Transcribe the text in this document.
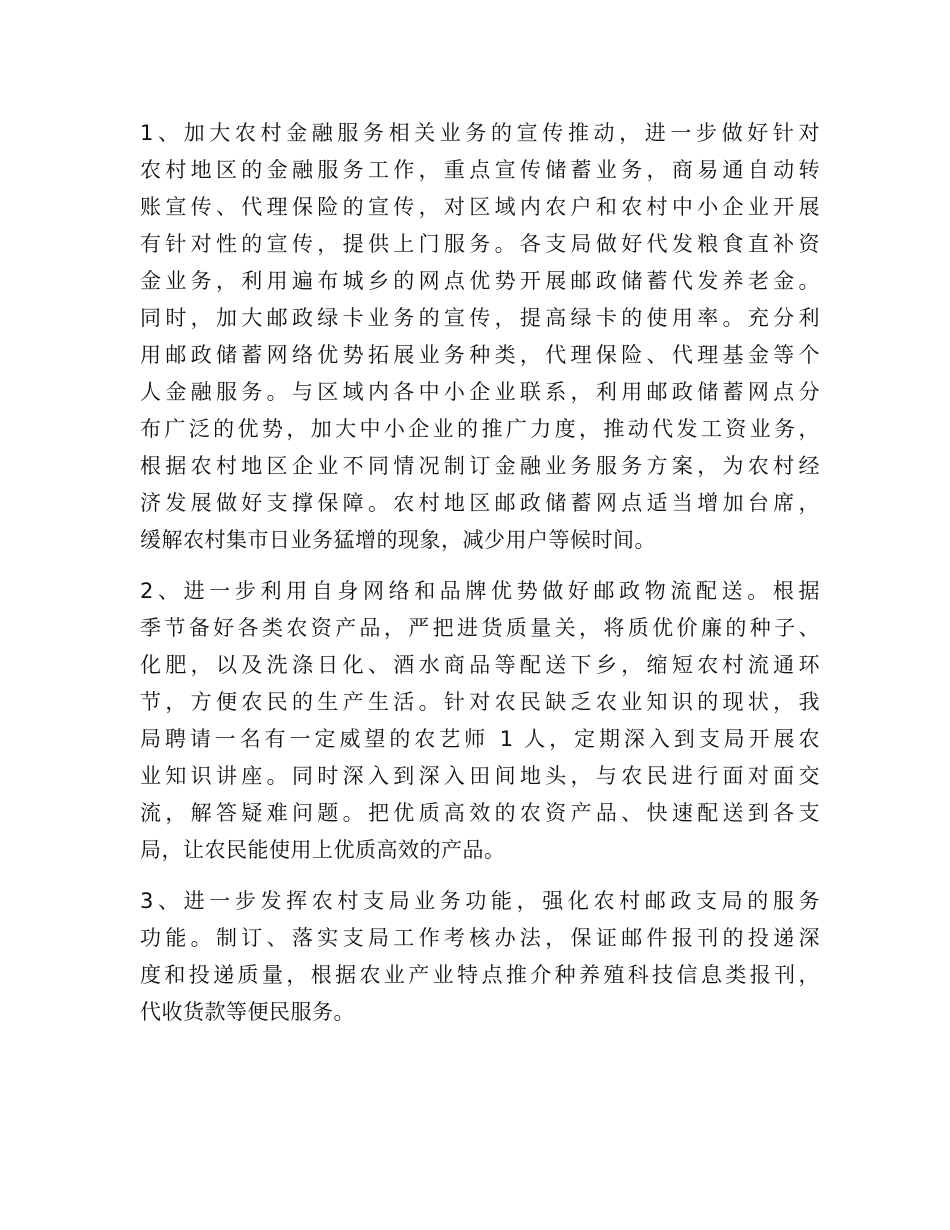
1、加大农村金融服务相关业务的宣传推动，进一步做好针对
农村地区的金融服务工作，重点宣传储蓄业务，商易通自动转
账宣传、代理保险的宣传，对区域内农户和农村中小企业开展
有针对性的宣传，提供上门服务。各支局做好代发粮食直补资
金业务，利用遍布城乡的网点优势开展邮政储蓄代发养老金。
同时，加大邮政绿卡业务的宣传，提高绿卡的使用率。充分利
用邮政储蓄网络优势拓展业务种类，代理保险、代理基金等个
人金融服务。与区域内各中小企业联系，利用邮政储蓄网点分
布广泛的优势，加大中小企业的推广力度，推动代发工资业务，
根据农村地区企业不同情况制订金融业务服务方案，为农村经
济发展做好支撑保障。农村地区邮政储蓄网点适当增加台席，
缓解农村集市日业务猛增的现象，减少用户等候时间。
2、进一步利用自身网络和品牌优势做好邮政物流配送。根据
季节备好各类农资产品，严把进货质量关，将质优价廉的种子、
化肥，以及洗涤日化、酒水商品等配送下乡，缩短农村流通环
节，方便农民的生产生活。针对农民缺乏农业知识的现状，我
局聘请一名有一定威望的农艺师 1 人，定期深入到支局开展农
业知识讲座。同时深入到深入田间地头，与农民进行面对面交
流，解答疑难问题。把优质高效的农资产品、快速配送到各支
局，让农民能使用上优质高效的产品。
3、进一步发挥农村支局业务功能，强化农村邮政支局的服务
功能。制订、落实支局工作考核办法，保证邮件报刊的投递深
度和投递质量，根据农业产业特点推介种养殖科技信息类报刊，
代收货款等便民服务。
